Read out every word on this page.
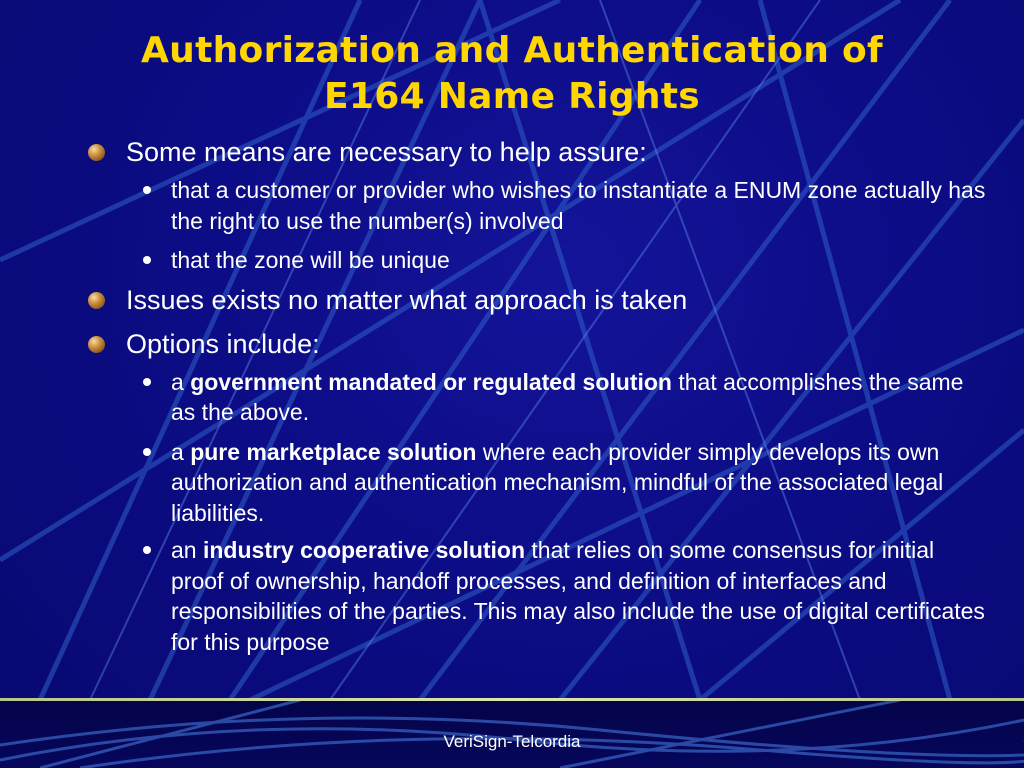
Authorization and Authentication of
E164 Name Rights

Some means are necessary to help assure:

that a customer or provider who wishes to instantiate a ENUM zone actually has the right to use the number(s) involved

that the zone will be unique

Issues exists no matter what approach is taken

Options include:

a government mandated or regulated solution that accomplishes the same as the above.

a pure marketplace solution where each provider simply develops its own authorization and authentication mechanism, mindful of the associated legal liabilities.

an industry cooperative solution that relies on some consensus for initial proof of ownership, handoff processes, and definition of interfaces and responsibilities of the parties. This may also include the use of digital certificates for this purpose

VeriSign-Telcordia
